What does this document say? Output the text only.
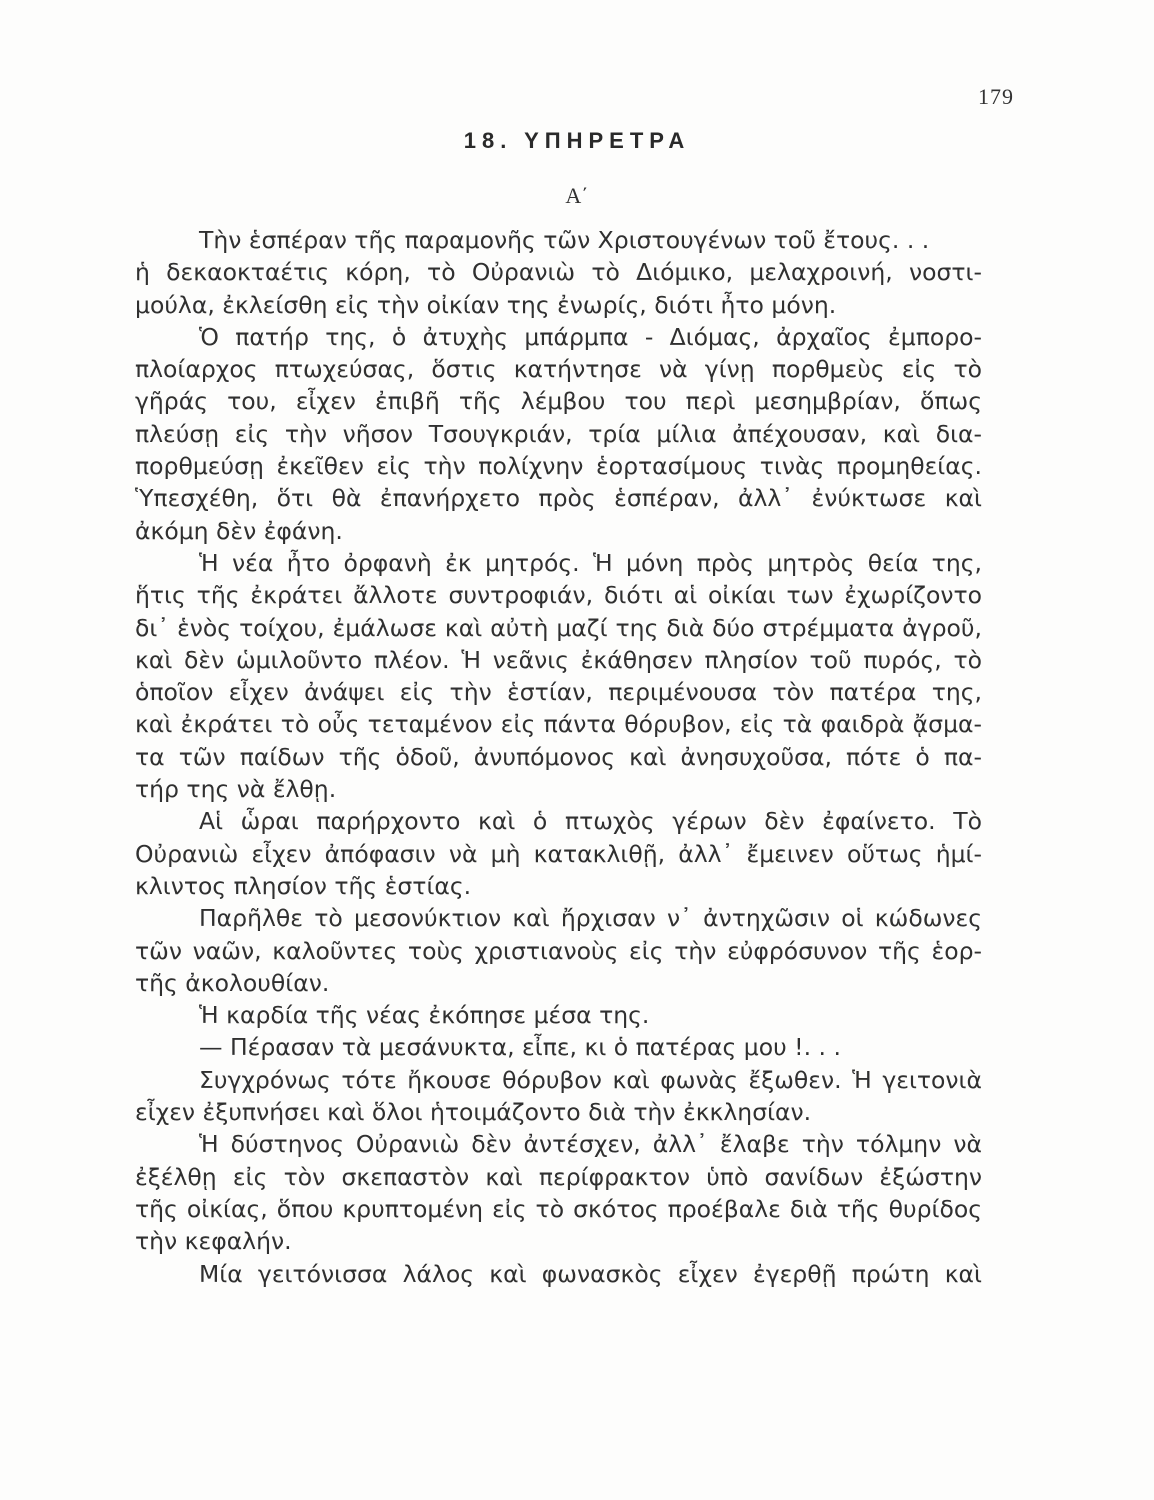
179
18. ΥΠΗΡΕΤΡΑ
Α΄
Τὴν ἑσπέραν τῆς παραμονῆς τῶν Χριστουγένων τοῦ ἔτους. . .
ἡ δεκαοκταέτις κόρη, τὸ Οὐρανιὼ τὸ Διόμικο, μελαχροινή, νοστι-
μούλα, ἐκλείσθη εἰς τὴν οἰκίαν της ἐνωρίς, διότι ἦτο μόνη.
Ὁ πατήρ της, ὁ ἀτυχὴς μπάρμπα - Διόμας, ἀρχαῖος ἐμπορο-
πλοίαρχος πτωχεύσας, ὅστις κατήντησε νὰ γίνῃ πορθμεὺς εἰς τὸ
γῆράς του, εἶχεν ἐπιβῆ τῆς λέμβου του περὶ μεσημβρίαν, ὅπως
πλεύσῃ εἰς τὴν νῆσον Τσουγκριάν, τρία μίλια ἀπέχουσαν, καὶ δια-
πορθμεύσῃ ἐκεῖθεν εἰς τὴν πολίχνην ἑορτασίμους τινὰς προμηθείας.
Ὑπεσχέθη, ὅτι θὰ ἐπανήρχετο πρὸς ἑσπέραν, ἀλλ᾿ ἐνύκτωσε καὶ
ἀκόμη δὲν ἐφάνη.
Ἡ νέα ἦτο ὀρφανὴ ἐκ μητρός. Ἡ μόνη πρὸς μητρὸς θεία της,
ἥτις τῆς ἐκράτει ἄλλοτε συντροφιάν, διότι αἱ οἰκίαι των ἐχωρίζοντο
δι᾿ ἑνὸς τοίχου, ἐμάλωσε καὶ αὐτὴ μαζί της διὰ δύο στρέμματα ἀγροῦ,
καὶ δὲν ὡμιλοῦντο πλέον. Ἡ νεᾶνις ἐκάθησεν πλησίον τοῦ πυρός, τὸ
ὁποῖον εἶχεν ἀνάψει εἰς τὴν ἑστίαν, περιμένουσα τὸν πατέρα της,
καὶ ἐκράτει τὸ οὖς τεταμένον εἰς πάντα θόρυβον, εἰς τὰ φαιδρὰ ᾄσμα-
τα τῶν παίδων τῆς ὁδοῦ, ἀνυπόμονος καὶ ἀνησυχοῦσα, πότε ὁ πα-
τήρ της νὰ ἔλθῃ.
Αἱ ὧραι παρήρχοντο καὶ ὁ πτωχὸς γέρων δὲν ἐφαίνετο. Τὸ
Οὐρανιὼ εἶχεν ἀπόφασιν νὰ μὴ κατακλιθῇ, ἀλλ᾿ ἔμεινεν οὕτως ἡμί-
κλιντος πλησίον τῆς ἑστίας.
Παρῆλθε τὸ μεσονύκτιον καὶ ἤρχισαν ν᾿ ἀντηχῶσιν οἱ κώδωνες
τῶν ναῶν, καλοῦντες τοὺς χριστιανοὺς εἰς τὴν εὐφρόσυνον τῆς ἑορ-
τῆς ἀκολουθίαν.
Ἡ καρδία τῆς νέας ἐκόπησε μέσα της.
— Πέρασαν τὰ μεσάνυκτα, εἶπε, κι ὁ πατέρας μου !. . .
Συγχρόνως τότε ἤκουσε θόρυβον καὶ φωνὰς ἔξωθεν. Ἡ γειτονιὰ
εἶχεν ἐξυπνήσει καὶ ὅλοι ἡτοιμάζοντο διὰ τὴν ἐκκλησίαν.
Ἡ δύστηνος Οὐρανιὼ δὲν ἀντέσχεν, ἀλλ᾿ ἔλαβε τὴν τόλμην νὰ
ἐξέλθῃ εἰς τὸν σκεπαστὸν καὶ περίφρακτον ὑπὸ σανίδων ἐξώστην
τῆς οἰκίας, ὅπου κρυπτομένη εἰς τὸ σκότος προέβαλε διὰ τῆς θυρίδος
τὴν κεφαλήν.
Μία γειτόνισσα λάλος καὶ φωνασκὸς εἶχεν ἐγερθῇ πρώτη καὶ
